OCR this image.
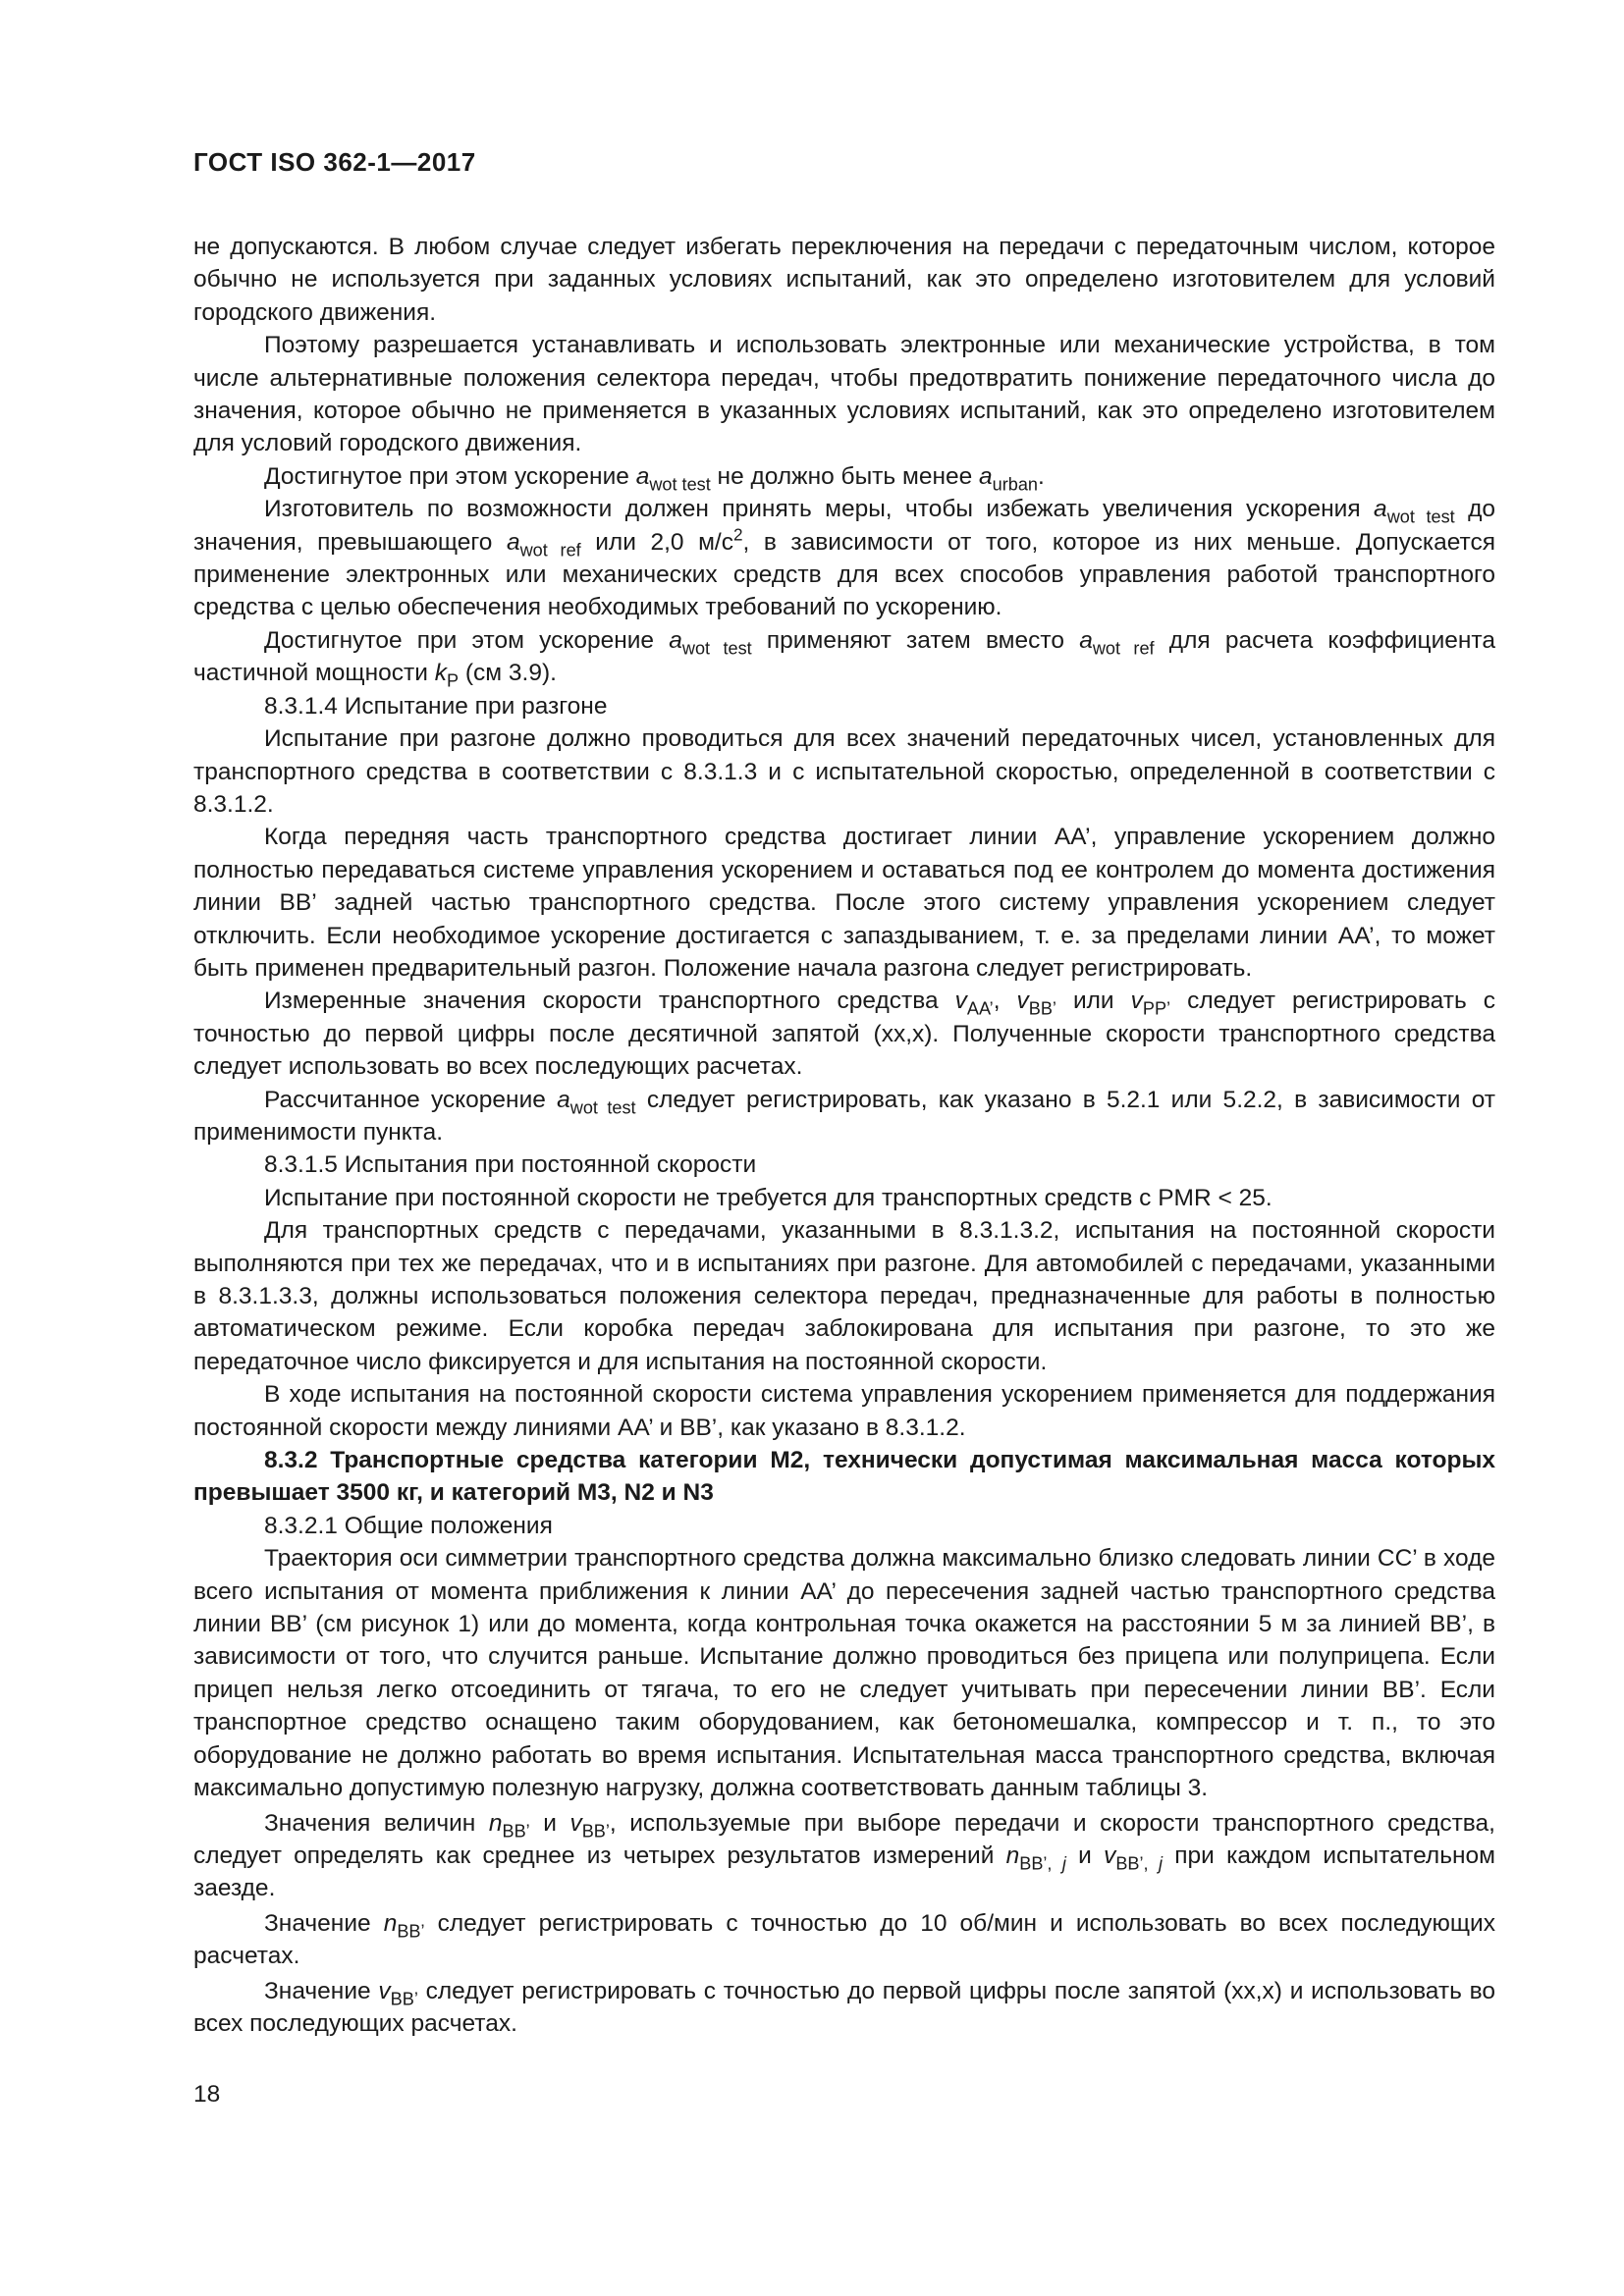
ГОСТ ISO 362-1—2017

не допускаются. В любом случае следует избегать переключения на передачи с передаточным числом, которое обычно не используется при заданных условиях испытаний, как это определено изготовителем для условий городского движения.

Поэтому разрешается устанавливать и использовать электронные или механические устройства, в том числе альтернативные положения селектора передач, чтобы предотвратить понижение передаточного числа до значения, которое обычно не применяется в указанных условиях испытаний, как это определено изготовителем для условий городского движения.

Достигнутое при этом ускорение $a_{wot test}$ не должно быть менее $a_{urban}$.

Изготовитель по возможности должен принять меры, чтобы избежать увеличения ускорения $a_{wot test}$ до значения, превышающего $a_{wot ref}$ или 2,0 $м/с^2$, в зависимости от того, которое из них меньше. Допускается применение электронных или механических средств для всех способов управления работой транспортного средства с целью обеспечения необходимых требований по ускорению.

Достигнутое при этом ускорение $a_{wot test}$ применяют затем вместо $a_{wot ref}$ для расчета коэффициента частичной мощности $k_P$ (см 3.9).

8.3.1.4 Испытание при разгоне

Испытание при разгоне должно проводиться для всех значений передаточных чисел, установленных для транспортного средства в соответствии с 8.3.1.3 и с испытательной скоростью, определенной в соответствии с 8.3.1.2.

Когда передняя часть транспортного средства достигает линии АА’, управление ускорением должно полностью передаваться системе управления ускорением и оставаться под ее контролем до момента достижения линии ВВ’ задней частью транспортного средства. После этого систему управления ускорением следует отключить. Если необходимое ускорение достигается с запаздыванием, т. е. за пределами линии АА’, то может быть применен предварительный разгон. Положение начала разгона следует регистрировать.

Измеренные значения скорости транспортного средства $v_{AA’}$, $v_{BB’}$ или $v_{PP’}$ следует регистрировать с точностью до первой цифры после десятичной запятой (хх,х). Полученные скорости транспортного средства следует использовать во всех последующих расчетах.

Рассчитанное ускорение $a_{wot test}$ следует регистрировать, как указано в 5.2.1 или 5.2.2, в зависимости от применимости пункта.

8.3.1.5 Испытания при постоянной скорости

Испытание при постоянной скорости не требуется для транспортных средств с PMR < 25.

Для транспортных средств с передачами, указанными в 8.3.1.3.2, испытания на постоянной скорости выполняются при тех же передачах, что и в испытаниях при разгоне. Для автомобилей с передачами, указанными в 8.3.1.3.3, должны использоваться положения селектора передач, предназначенные для работы в полностью автоматическом режиме. Если коробка передач заблокирована для испытания при разгоне, то это же передаточное число фиксируется и для испытания на постоянной скорости.

В ходе испытания на постоянной скорости система управления ускорением применяется для поддержания постоянной скорости между линиями АА’ и ВВ’, как указано в 8.3.1.2.

8.3.2 Транспортные средства категории М2, технически допустимая максимальная масса которых превышает 3500 кг, и категорий М3, N2 и N3

8.3.2.1 Общие положения

Траектория оси симметрии транспортного средства должна максимально близко следовать линии СС’ в ходе всего испытания от момента приближения к линии АА’ до пересечения задней частью транспортного средства линии ВВ’ (см рисунок 1) или до момента, когда контрольная точка окажется на расстоянии 5 м за линией ВВ’, в зависимости от того, что случится раньше. Испытание должно проводиться без прицепа или полуприцепа. Если прицеп нельзя легко отсоединить от тягача, то его не следует учитывать при пересечении линии ВВ’. Если транспортное средство оснащено таким оборудованием, как бетономешалка, компрессор и т. п., то это оборудование не должно работать во время испытания. Испытательная масса транспортного средства, включая максимально допустимую полезную нагрузку, должна соответствовать данным таблицы 3.

Значения величин $n_{BB’}$ и $v_{BB’}$, используемые при выборе передачи и скорости транспортного средства, следует определять как среднее из четырех результатов измерений $n_{BB’, j}$ и $v_{BB’, j}$ при каждом испытательном заезде.

Значение $n_{BB’}$ следует регистрировать с точностью до 10 об/мин и использовать во всех последующих расчетах.

Значение $v_{BB’}$ следует регистрировать с точностью до первой цифры после запятой (хх,х) и использовать во всех последующих расчетах.

18
